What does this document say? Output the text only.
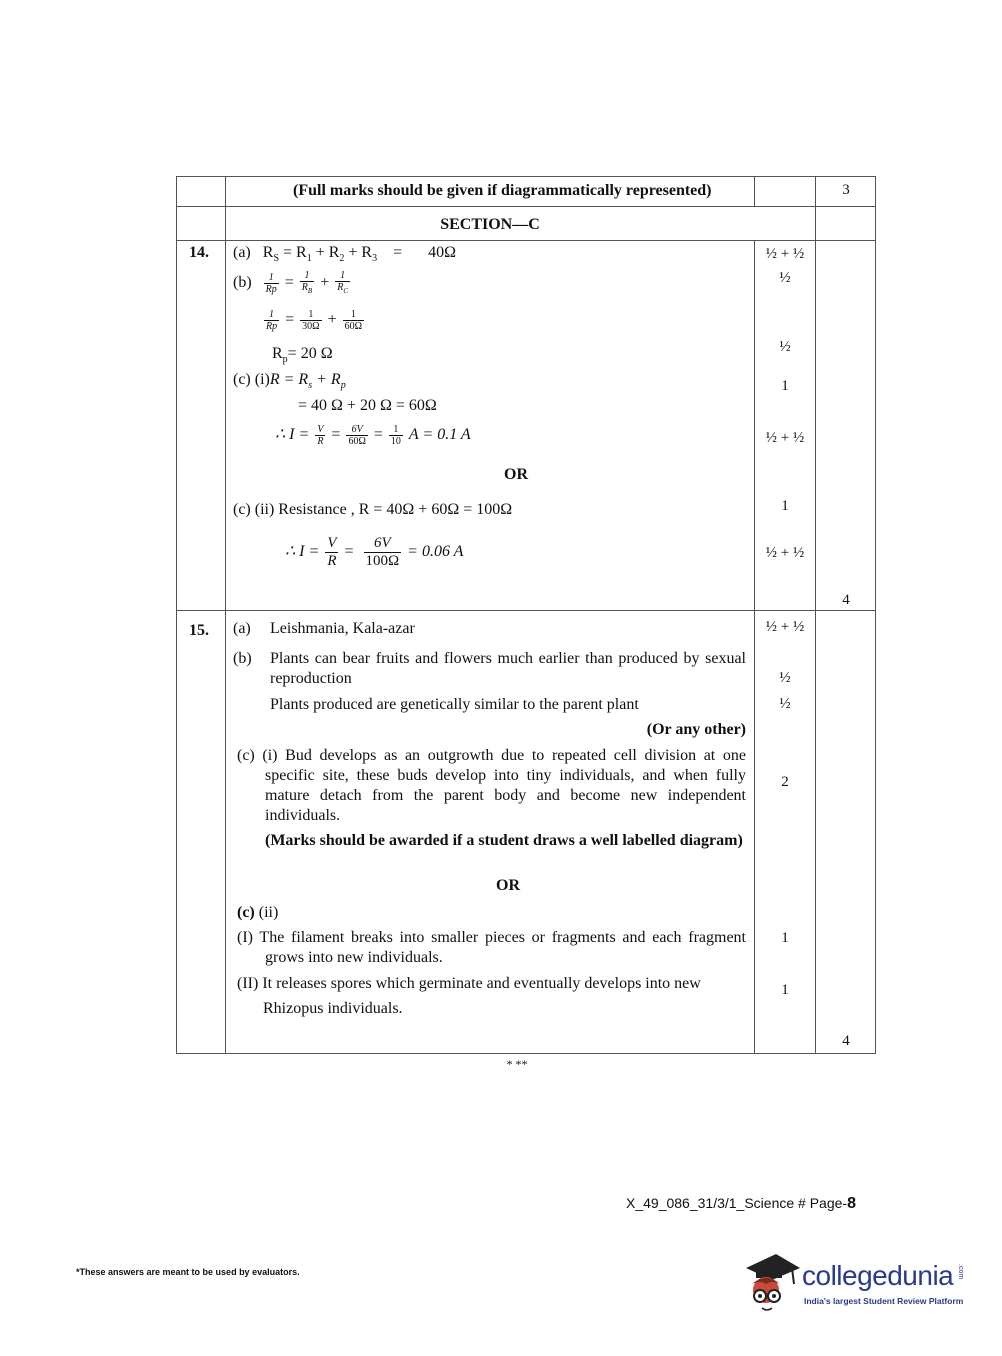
(Full marks should be given if diagrammatically represented)	3
SECTION—C
14. (a) $R_S = R_1 + R_2 + R_3 = 40\Omega$
$(b) \frac{1}{Rp} = \frac{1}{R_B} + \frac{1}{R_C}$
$\frac{1}{Rp} = \frac{1}{30\Omega} + \frac{1}{60\Omega}$
$R_p= 20$ Ω
(c) $(i)R = R_s + R_p$
= 40 Ω + 20 Ω = 60Ω
∴ $I = \frac{V}{R} = \frac{6V}{60\Omega} = \frac{1}{10}$ A = 0.1 A
OR
(c) (ii) Resistance , R = 40Ω + 60Ω = 100Ω
∴ $I = \frac{V}{R} = \frac{6V}{100\Omega} = 0.06$ A
½ + ½
½
½
1
½ + ½
1
½ + ½
4
15. (a) Leishmania, Kala-azar
(b) Plants can bear fruits and flowers much earlier than produced by sexual reproduction
Plants produced are genetically similar to the parent plant
(Or any other)
(c) (i) Bud develops as an outgrowth due to repeated cell division at one specific site, these buds develop into tiny individuals, and when fully mature detach from the parent body and become new independent individuals.
(Marks should be awarded if a student draws a well labelled diagram)
OR
(c) (ii)
(I) The filament breaks into smaller pieces or fragments and each fragment grows into new individuals.
(II) It releases spores which germinate and eventually develops into new
Rhizopus individuals.
½ + ½
½
½
2
1
1
4
* **
X_49_086_31/3/1_Science # Page-8
*These answers are meant to be used by evaluators.	collegedunia .com
India's largest Student Review Platform
